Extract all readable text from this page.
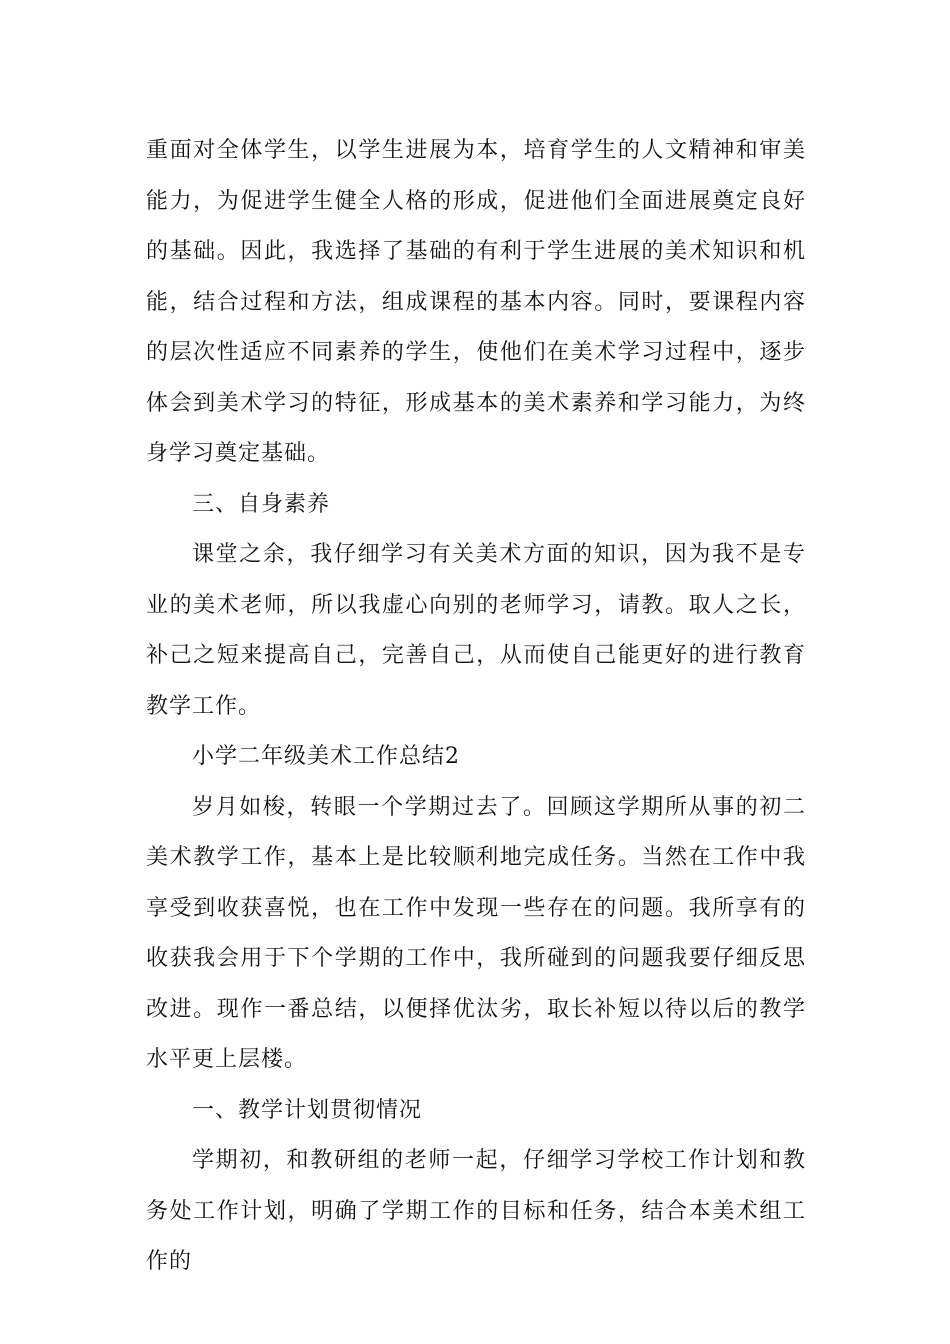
重面对全体学生，以学生进展为本，培育学生的人文精神和审美能力，为促进学生健全人格的形成，促进他们全面进展奠定良好的基础。因此，我选择了基础的有利于学生进展的美术知识和机能，结合过程和方法，组成课程的基本内容。同时，要课程内容的层次性适应不同素养的学生，使他们在美术学习过程中，逐步体会到美术学习的特征，形成基本的美术素养和学习能力，为终身学习奠定基础。

三、自身素养

课堂之余，我仔细学习有关美术方面的知识，因为我不是专业的美术老师，所以我虚心向别的老师学习，请教。取人之长，补己之短来提高自己，完善自己，从而使自己能更好的进行教育教学工作。

小学二年级美术工作总结2

岁月如梭，转眼一个学期过去了。回顾这学期所从事的初二美术教学工作，基本上是比较顺利地完成任务。当然在工作中我享受到收获喜悦，也在工作中发现一些存在的问题。我所享有的收获我会用于下个学期的工作中，我所碰到的问题我要仔细反思改进。现作一番总结，以便择优汰劣，取长补短以待以后的教学水平更上层楼。

一、教学计划贯彻情况

学期初，和教研组的老师一起，仔细学习学校工作计划和教务处工作计划，明确了学期工作的目标和任务，结合本美术组工作的
